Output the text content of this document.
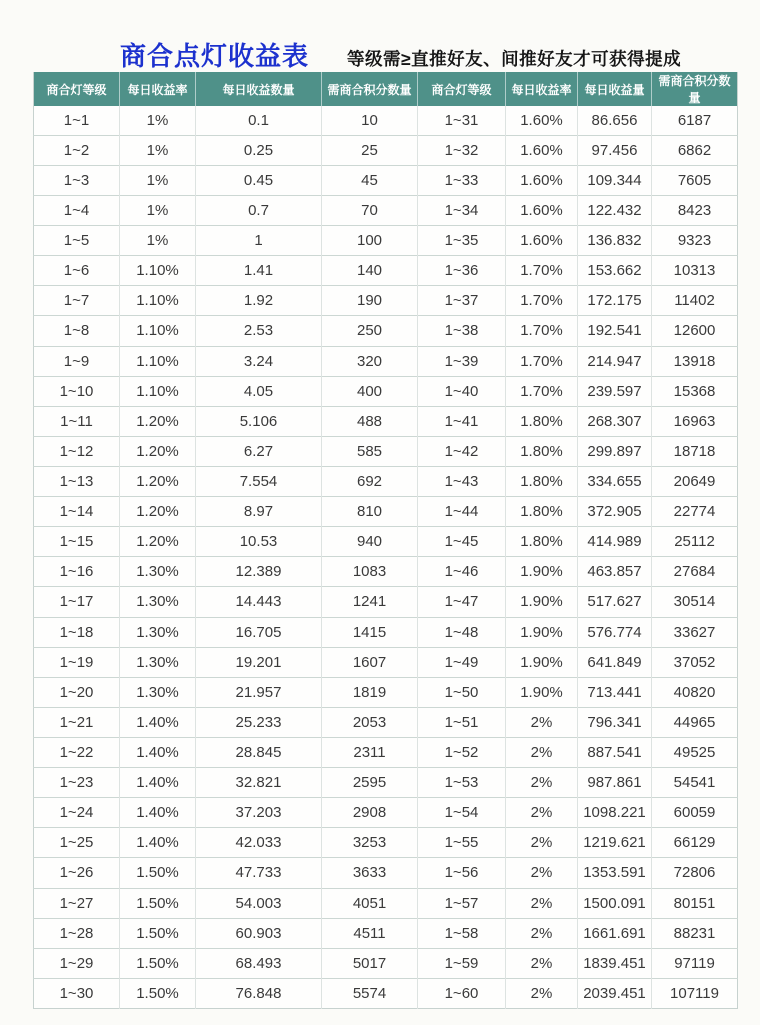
商合点灯收益表 等级需≥直推好友、间推好友才可获得提成
商合灯等级	每日收益率	每日收益数量	需商合积分数量	商合灯等级	每日收益率	每日收益量	需商合积分数量
1~1	1%	0.1	10	1~31	1.60%	86.656	6187
1~2	1%	0.25	25	1~32	1.60%	97.456	6862
1~3	1%	0.45	45	1~33	1.60%	109.344	7605
1~4	1%	0.7	70	1~34	1.60%	122.432	8423
1~5	1%	1	100	1~35	1.60%	136.832	9323
1~6	1.10%	1.41	140	1~36	1.70%	153.662	10313
1~7	1.10%	1.92	190	1~37	1.70%	172.175	11402
1~8	1.10%	2.53	250	1~38	1.70%	192.541	12600
1~9	1.10%	3.24	320	1~39	1.70%	214.947	13918
1~10	1.10%	4.05	400	1~40	1.70%	239.597	15368
1~11	1.20%	5.106	488	1~41	1.80%	268.307	16963
1~12	1.20%	6.27	585	1~42	1.80%	299.897	18718
1~13	1.20%	7.554	692	1~43	1.80%	334.655	20649
1~14	1.20%	8.97	810	1~44	1.80%	372.905	22774
1~15	1.20%	10.53	940	1~45	1.80%	414.989	25112
1~16	1.30%	12.389	1083	1~46	1.90%	463.857	27684
1~17	1.30%	14.443	1241	1~47	1.90%	517.627	30514
1~18	1.30%	16.705	1415	1~48	1.90%	576.774	33627
1~19	1.30%	19.201	1607	1~49	1.90%	641.849	37052
1~20	1.30%	21.957	1819	1~50	1.90%	713.441	40820
1~21	1.40%	25.233	2053	1~51	2%	796.341	44965
1~22	1.40%	28.845	2311	1~52	2%	887.541	49525
1~23	1.40%	32.821	2595	1~53	2%	987.861	54541
1~24	1.40%	37.203	2908	1~54	2%	1098.221	60059
1~25	1.40%	42.033	3253	1~55	2%	1219.621	66129
1~26	1.50%	47.733	3633	1~56	2%	1353.591	72806
1~27	1.50%	54.003	4051	1~57	2%	1500.091	80151
1~28	1.50%	60.903	4511	1~58	2%	1661.691	88231
1~29	1.50%	68.493	5017	1~59	2%	1839.451	97119
1~30	1.50%	76.848	5574	1~60	2%	2039.451	107119
